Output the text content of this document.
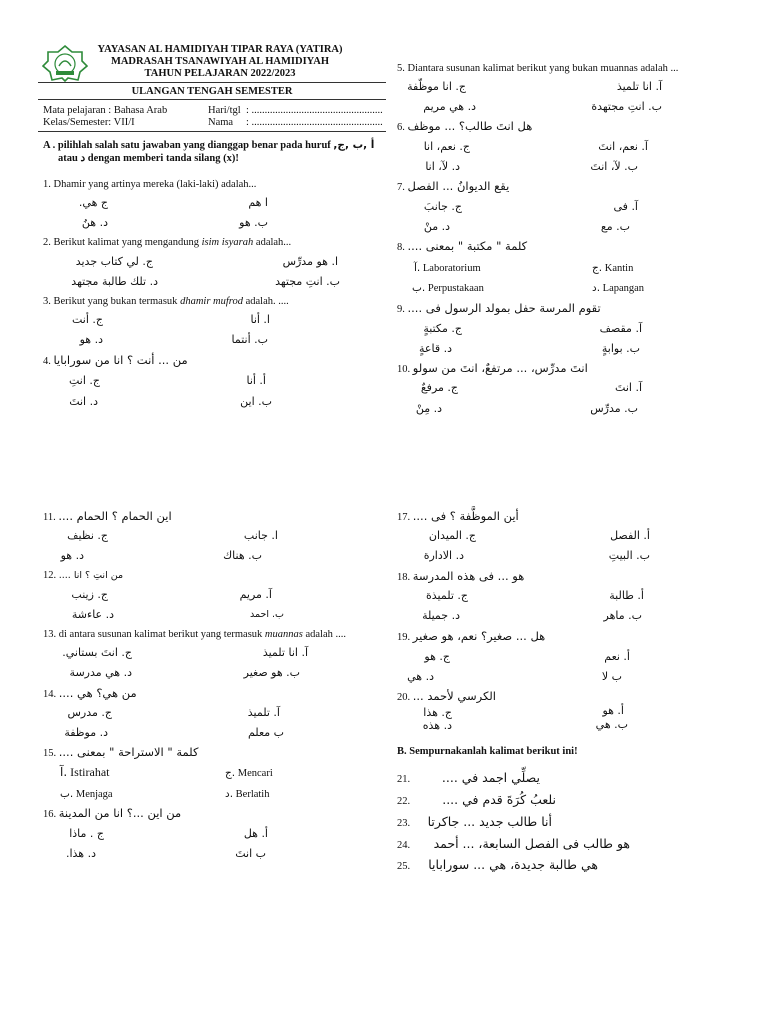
YAYASAN AL HAMIDIYAH TIPAR RAYA (YATIRA)
MADRASAH TSANAWIYAH AL HAMIDIYAH
TAHUN PELAJARAN 2022/2023
ULANGAN TENGAH SEMESTER
Mata pelajaran : Bahasa Arab	Hari/tgl : ..................................................
Kelas/Semester: VII/I	Nama : ..................................................
A . pilihlah salah satu jawaban yang dianggap benar pada huruf أ ,ب ,ج,
atau د dengan memberi tanda silang (x)!
1. Dhamir yang artinya mereka (laki-laki) adalah...
ا هم
ج هي.
ب. هو
د. هنُ
2. Berikut kalimat yang mengandung isim isyarah adalah...
ا. هو مدرِّس
ج. لي كتاب جديد
ب. انتِ مجتهد
د. تلك طالبة مجتهد
3. Berikut yang bukan termasuk dhamir mufrod adalah. ....
ا. أنا
ج. أنت
ب. أنتما
د. هو
4. من ... أنت ؟ انا من سورابايا
أ. أنا
ج. انتِ
ب. اين
د. انتَ
5. Diantara susunan kalimat berikut yang bukan muannas adalah ...
آ. انا تلميذ
ج. انا موظّفة
ب. انتِ مجتهدة
د. هي مريم
6. هل انتَ طالب؟ ... موظف
آ. نعم، انتَ
ج. نعم، انا
ب. لآ، انتَ
د. لآ، انا
7. يقع الديوانُ ... الفصل
آ. فى
ج. جانبَ
ب. مع
د. منْ
8. كلمة " مكتبة " بمعنى ....
آ. Laboratorium	ج. Kantin
ب. Perpustakaan	د. Lapangan
9. تقوم المرسة حفل بمولد الرسول فى ....
آ. مقصف
ج. مكتبةٍ
ب. بوابةٍ
د. قاعةٍ
10. انتَ مدرِّس، ... مرتفعٌ، انتَ من سولو
آ. انتَ
ج. مرفعٌ
ب. مدرِّس
د. مِنْ
11. اين الحمام ؟ الحمام ....
ا. جانب
ج. نظيف
ب. هناك
د. هو
12. من انتِ ؟ انا ....
آ. مريم
ج. زينب
ب. احمد
د. عاءشة
13. di antara susunan kalimat berikut yang termasuk muannas adalah ....
آ. انا تلميذ
ج. انتَ بستاني.
ب. هو صغير
د. هي مدرسة
14. من هي؟ هي ....
آ. تلميذ
ج. مدرس
ب معلم
د. موظفة
15. كلمة " الاستراحة " بمعنى ....
آ. Istirahat	ج. Mencari
ب. Menjaga	د. Berlatih
16. من اين ...؟ انا من المدينة
أ. هل
ج . ماذا
ب انتَ
د. هذا.
17. أين الموظَّفة ؟ فى ....
أ. الفصل
ج. الميدان
ب. البيتِ
د. الادارة
18. هو ... فى هذه المدرسة
أ. طالبة
ج. تلميذة
ب. ماهر
د. جميلة
19. هل ... صغير؟ نعم، هو صغير
أ. نعم
ج. هو
ب لا
د. هي
20. الكرسي لأحمد ...
أ. هو
ج. هذا
ب. هي
د. هذه
B. Sempurnakanlah kalimat berikut ini!
21.	يصلِّي اجمد في ....
22.	نلعبُ كُرَةَ قدم في ....
23. أنا طالب جديد ... جاكرتا
24. هو طالب فى الفصل السابعة، ... أحمد
25. هي طالبة جديدة، هي ... سورابايا
